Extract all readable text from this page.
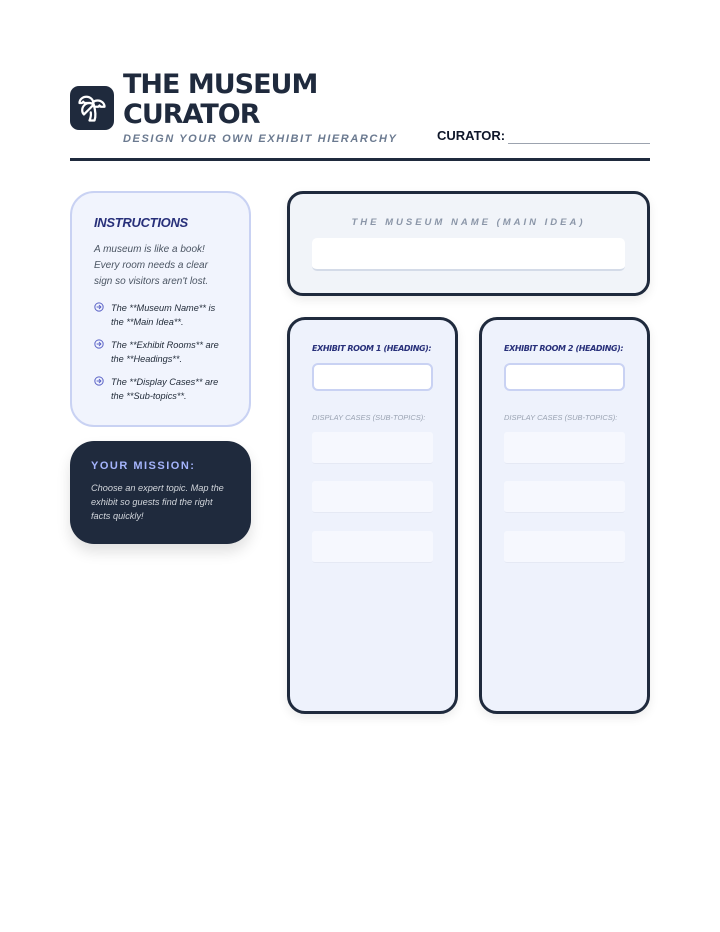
THE MUSEUM
CURATOR
DESIGN YOUR OWN EXHIBIT HIERARCHY	CURATOR:
INSTRUCTIONS
A museum is like a book! Every room needs a clear sign so visitors aren't lost.
The **Museum Name** is the **Main Idea**.
The **Exhibit Rooms** are the **Headings**.
The **Display Cases** are the **Sub-topics**.
YOUR MISSION:
Choose an expert topic. Map the exhibit so guests find the right facts quickly!
THE MUSEUM NAME (MAIN IDEA)
EXHIBIT ROOM 1 (HEADING):
DISPLAY CASES (SUB-TOPICS):
EXHIBIT ROOM 2 (HEADING):
DISPLAY CASES (SUB-TOPICS):
